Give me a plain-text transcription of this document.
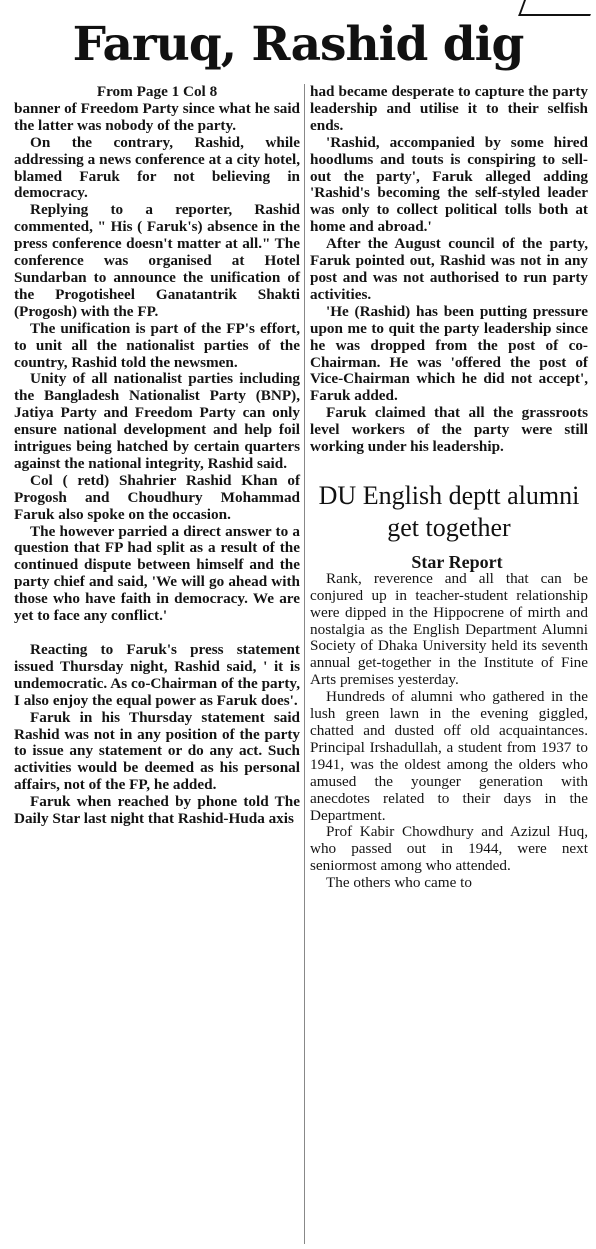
Faruq, Rashid dig

From Page 1 Col 8

banner of Freedom Party since what he said the latter was nobody of the party.

On the contrary, Rashid, while addressing a news conference at a city hotel, blamed Faruk for not believing in democracy.

Replying to a reporter, Rashid commented, " His ( Faruk's) absence in the press conference doesn't matter at all." The conference was organised at Hotel Sundarban to announce the unification of the Progotisheel Ganatantrik Shakti (Progosh) with the FP.

The unification is part of the FP's effort, to unit all the nationalist parties of the country, Rashid told the newsmen.

Unity of all nationalist parties including the Bangladesh Nationalist Party (BNP), Jatiya Party and Freedom Party can only ensure national development and help foil intrigues being hatched by certain quarters against the national integrity, Rashid said.

Col ( retd) Shahrier Rashid Khan of Progosh and Choudhury Mohammad Faruk also spoke on the occasion.

The however parried a direct answer to a question that FP had split as a result of the continued dispute between himself and the party chief and said, 'We will go ahead with those who have faith in democracy. We are yet to face any conflict.'

Reacting to Faruk's press statement issued Thursday night, Rashid said, ' it is undemocratic. As co-Chairman of the party, I also enjoy the equal power as Faruk does'.

Faruk in his Thursday statement said Rashid was not in any position of the party to issue any statement or do any act. Such activities would be deemed as his personal affairs, not of the FP, he added.

Faruk when reached by phone told The Daily Star last night that Rashid-Huda axis

had became desperate to capture the party leadership and utilise it to their selfish ends.

'Rashid, accompanied by some hired hoodlums and touts is conspiring to sell-out the party', Faruk alleged adding 'Rashid's becoming the self-styled leader was only to collect political tolls both at home and abroad.'

After the August council of the party, Faruk pointed out, Rashid was not in any post and was not authorised to run party activities.

'He (Rashid) has been putting pressure upon me to quit the party leadership since he was dropped from the post of co-Chairman. He was 'offered the post of Vice-Chairman which he did not accept', Faruk added.

Faruk claimed that all the grassroots level workers of the party were still working under his leadership.

DU English deptt alumni get together

Star Report

Rank, reverence and all that can be conjured up in teacher-student relationship were dipped in the Hippocrene of mirth and nostalgia as the English Department Alumni Society of Dhaka University held its seventh annual get-together in the Institute of Fine Arts premises yesterday.

Hundreds of alumni who gathered in the lush green lawn in the evening giggled, chatted and dusted off old acquaintances. Principal Irshadullah, a student from 1937 to 1941, was the oldest among the olders who amused the younger generation with anecdotes related to their days in the Department.

Prof Kabir Chowdhury and Azizul Huq, who passed out in 1944, were next seniormost among who attended.

The others who came to
